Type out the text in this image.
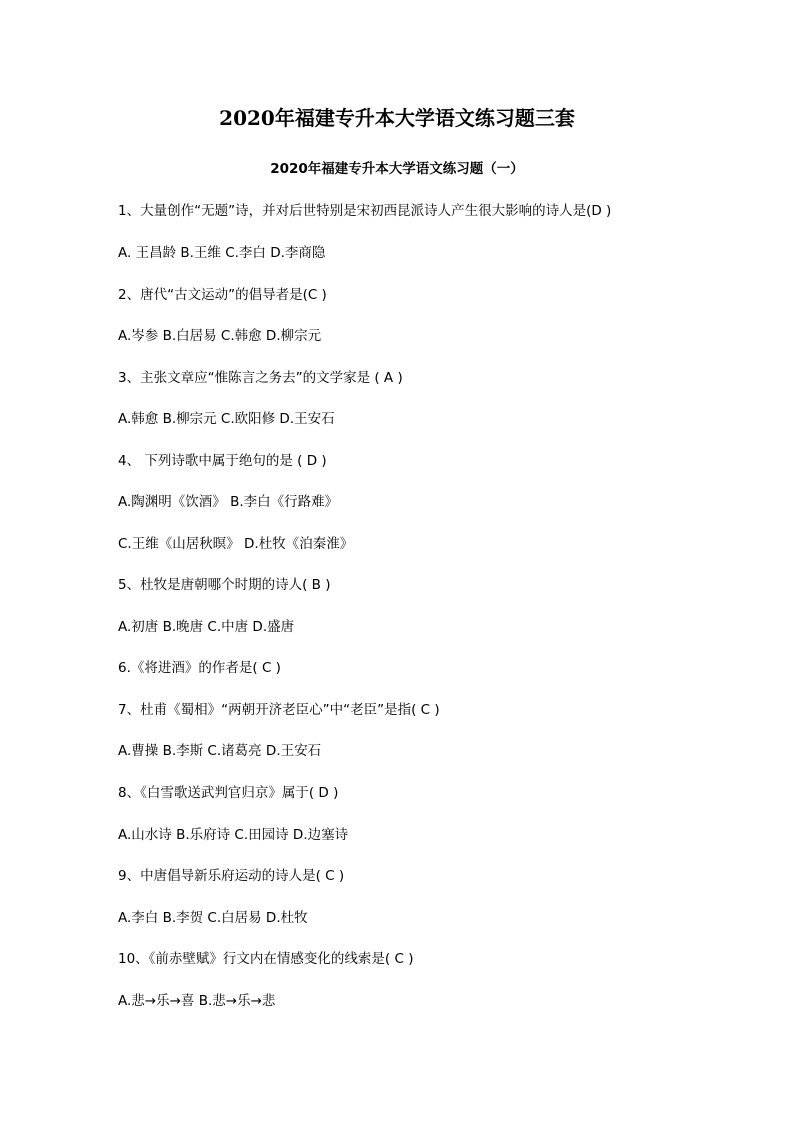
2020年福建专升本大学语文练习题三套
2020年福建专升本大学语文练习题（一）
1、大量创作“无题”诗，并对后世特别是宋初西昆派诗人产生很大影响的诗人是(D )
A. 王昌龄 B.王维 C.李白 D.李商隐
2、唐代“古文运动”的倡导者是(C )
A.岑参 B.白居易 C.韩愈 D.柳宗元
3、主张文章应“惟陈言之务去”的文学家是 ( A )
A.韩愈 B.柳宗元 C.欧阳修 D.王安石
4、 下列诗歌中属于绝句的是 ( D )
A.陶渊明《饮酒》 B.李白《行路难》
C.王维《山居秋暝》 D.杜牧《泊秦淮》
5、杜牧是唐朝哪个时期的诗人( B )
A.初唐 B.晚唐 C.中唐 D.盛唐
6.《将进酒》的作者是( C )
7、杜甫《蜀相》“两朝开济老臣心”中“老臣”是指( C )
A.曹操 B.李斯 C.诸葛亮 D.王安石
8、《白雪歌送武判官归京》属于( D )
A.山水诗 B.乐府诗 C.田园诗 D.边塞诗
9、中唐倡导新乐府运动的诗人是( C )
A.李白 B.李贺 C.白居易 D.杜牧
10、《前赤壁赋》行文内在情感变化的线索是( C )
A.悲→乐→喜 B.悲→乐→悲
